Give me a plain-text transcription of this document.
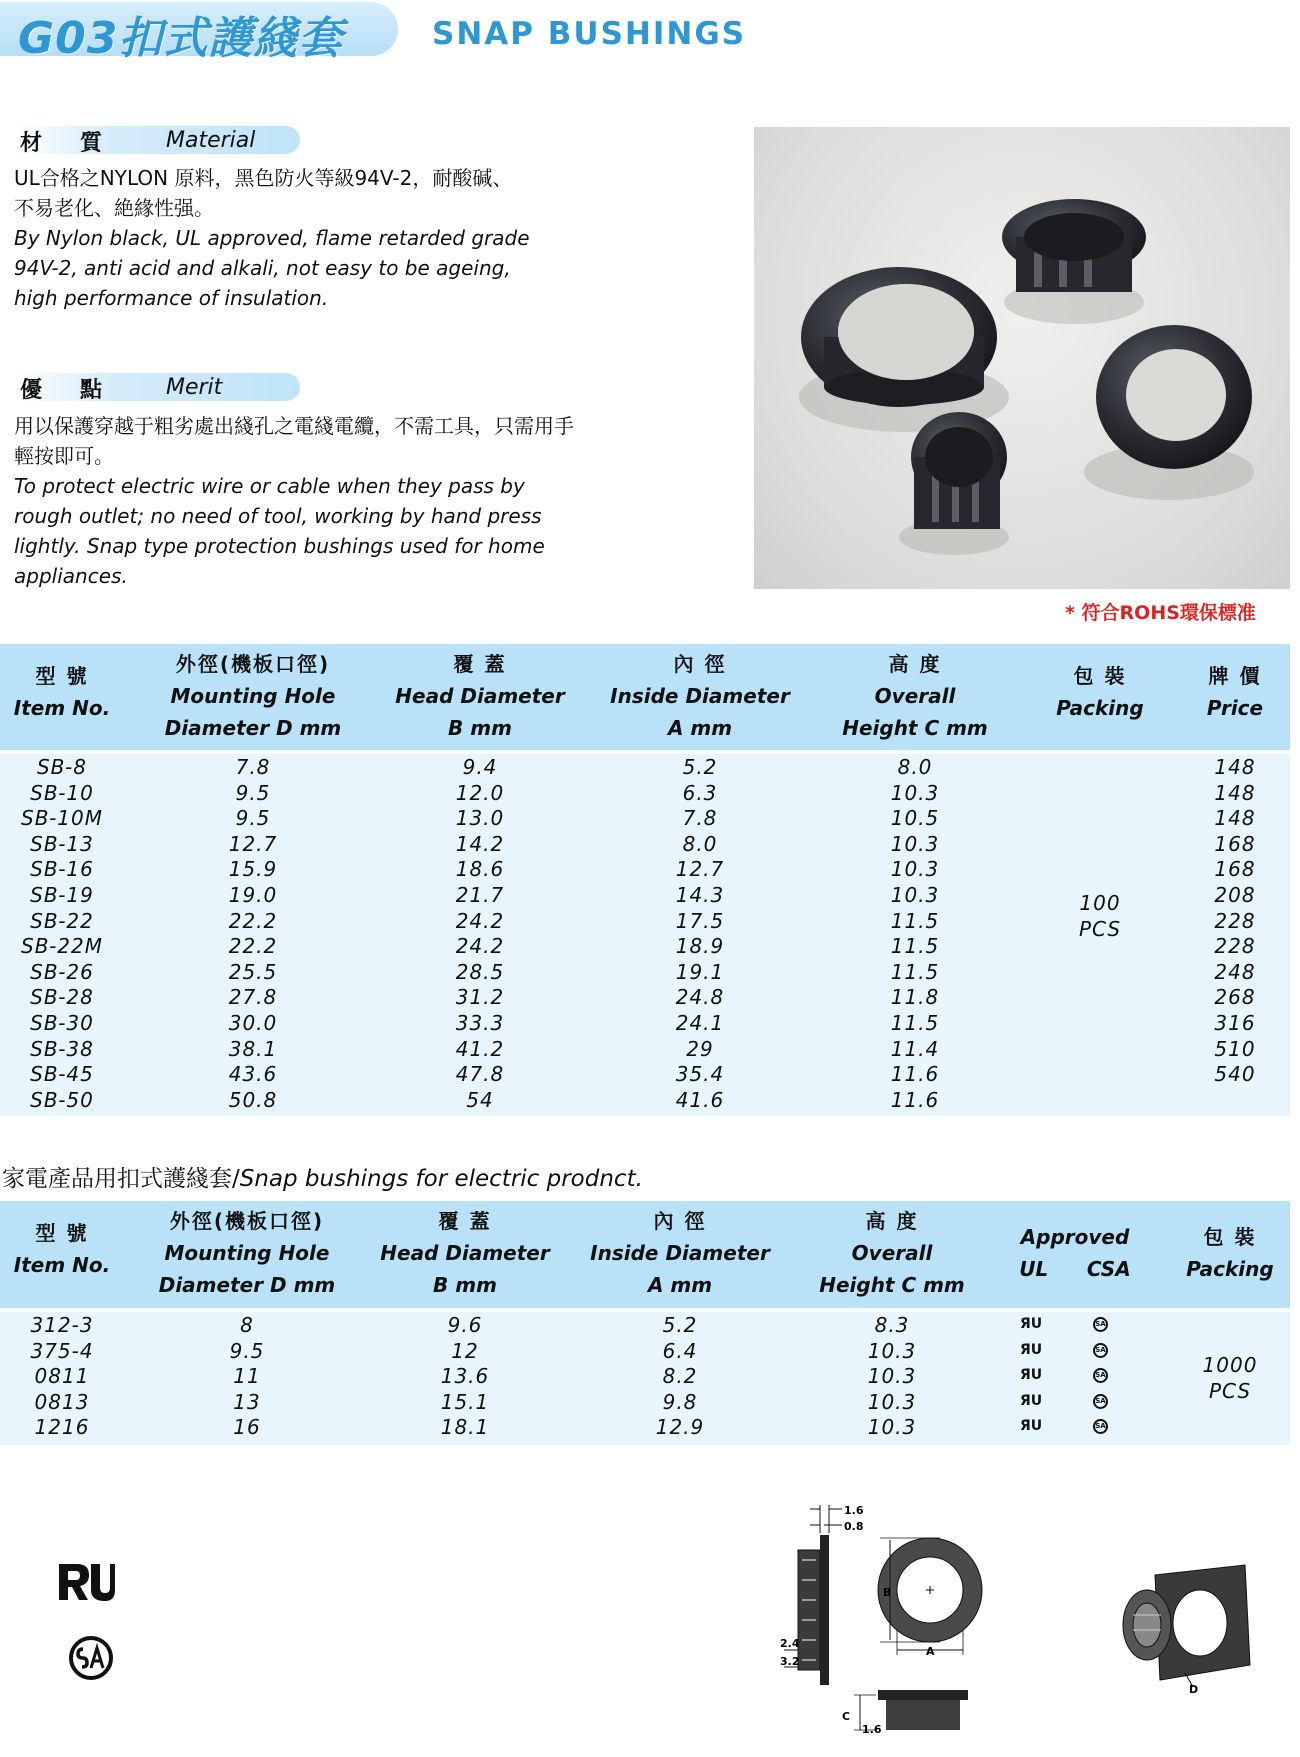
G03扣式護綫套	SNAP BUSHINGS
材質 Material
UL合格之NYLON 原料，黑色防火等級94V-2，耐酸碱、
不易老化、絶緣性强。
By Nylon black, UL approved, flame retarded grade
94V-2, anti acid and alkali, not easy to be ageing,
high performance of insulation.
優點 Merit
用以保護穿越于粗劣處出綫孔之電綫電纜，不需工具，只需用手
輕按即可。
To protect electric wire or cable when they pass by
rough outlet; no need of tool, working by hand press
lightly. Snap type protection bushings used for home
appliances.
* 符合ROHS環保標准
型 號
Item No.
外徑(機板口徑)
Mounting Hole
Diameter D mm
覆 蓋
Head Diameter
B mm
內 徑
Inside Diameter
A mm
高 度
Overall
Height C mm
包 裝
Packing
牌 價
Price
100
PCS
SB-8	7.8	9.4	5.2	8.0	148
SB-10	9.5	12.0	6.3	10.3	148
SB-10M	9.5	13.0	7.8	10.5	148
SB-13	12.7	14.2	8.0	10.3	168
SB-16	15.9	18.6	12.7	10.3	168
SB-19	19.0	21.7	14.3	10.3	208
SB-22	22.2	24.2	17.5	11.5	228
SB-22M	22.2	24.2	18.9	11.5	228
SB-26	25.5	28.5	19.1	11.5	248
SB-28	27.8	31.2	24.8	11.8	268
SB-30	30.0	33.3	24.1	11.5	316
SB-38	38.1	41.2	29	11.4	510
SB-45	43.6	47.8	35.4	11.6	540
SB-50	50.8	54	41.6	11.6
家電產品用扣式護綫套/Snap bushings for electric prodnct.
型 號
Item No.
外徑(機板口徑)
Mounting Hole
Diameter D mm
覆 蓋
Head Diameter
B mm
內 徑
Inside Diameter
A mm
高 度
Overall
Height C mm
Approved
UL CSA
包 裝
Packing
1000
PCS
312-3	8	9.6	5.2	8.3	ЯU	SA
375-4	9.5	12	6.4	10.3	ЯU	SA
0811	11	13.6	8.2	10.3	ЯU	SA
0813	13	15.1	9.8	10.3	ЯU	SA
1216	16	18.1	12.9	10.3	ЯU	SA
1.6
0.8
B
A
2.4
3.2
C
1.6
D
